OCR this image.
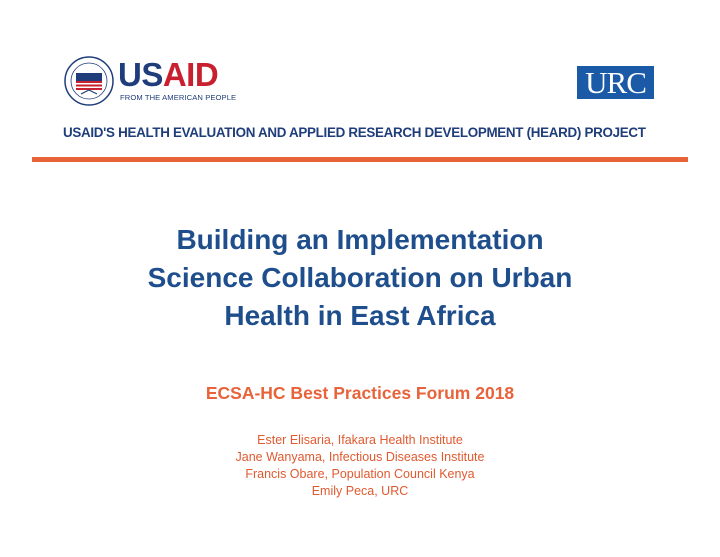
USAID
FROM THE AMERICAN PEOPLE	URC
USAID'S HEALTH EVALUATION AND APPLIED RESEARCH DEVELOPMENT (HEARD) PROJECT
Building an Implementation
Science Collaboration on Urban
Health in East Africa
ECSA-HC Best Practices Forum 2018
Ester Elisaria, Ifakara Health Institute
Jane Wanyama, Infectious Diseases Institute
Francis Obare, Population Council Kenya
Emily Peca, URC
